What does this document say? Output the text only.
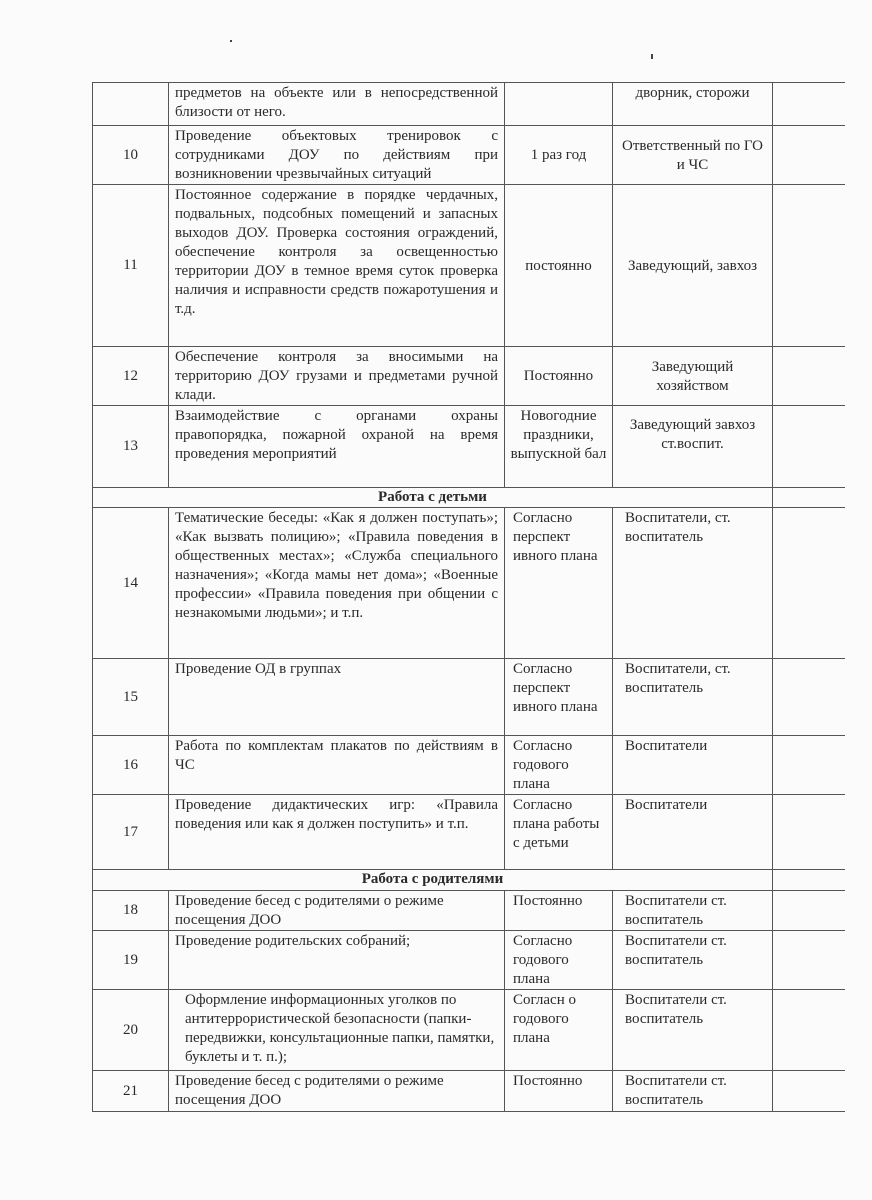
	предметов на объекте или в непосредственной близости от него.		дворник, сторожи	
10	Проведение объектовых тренировок с сотрудниками ДОУ по действиям при возникновении чрезвычайных ситуаций	1 раз год	Ответственный по ГО и ЧС	
11	Постоянное содержание в порядке чердачных, подвальных, подсобных помещений и запасных выходов ДОУ. Проверка состояния ограждений, обеспечение контроля за освещенностью территории ДОУ в темное время суток проверка наличия и исправности средств пожаротушения и т.д.	постоянно	Заведующий, завхоз	
12	Обеспечение контроля за вносимыми на территорию ДОУ грузами и предметами ручной клади.	Постоянно	Заведующий хозяйством	
13	Взаимодействие с органами охраны правопорядка, пожарной охраной на время проведения мероприятий	Новогодние праздники, выпускной бал	Заведующий завхоз ст.воспит.	
Работа с детьми				
14	Тематические беседы: «Как я должен поступать»; «Как вызвать полицию»; «Правила поведения в общественных местах»; «Служба специального назначения»; «Когда мамы нет дома»; «Военные профессии» «Правила поведения при общении с незнакомыми людьми»; и т.п.	Согласно перспект ивного плана	Воспитатели, ст. воспитатель	
15	Проведение ОД в группах	Согласно перспект ивного плана	Воспитатели, ст. воспитатель	
16	Работа по комплектам плакатов по действиям в ЧС	Согласно годового плана	Воспитатели	
17	Проведение дидактических игр: «Правила поведения или как я должен поступить» и т.п.	Согласно плана работы с детьми	Воспитатели	
Работа с родителями				
18	Проведение бесед с родителями о режиме посещения ДОО	Постоянно	Воспитатели ст. воспитатель	
19	Проведение родительских собраний;	Согласно годового плана	Воспитатели ст. воспитатель	
20	Оформление информационных уголков по антитеррористической безопасности (папки-передвижки, консультационные папки, памятки, буклеты и т. п.);	Согласн о годового плана	Воспитатели ст. воспитатель	
21	Проведение бесед с родителями о режиме посещения ДОО	Постоянно	Воспитатели ст. воспитатель	
